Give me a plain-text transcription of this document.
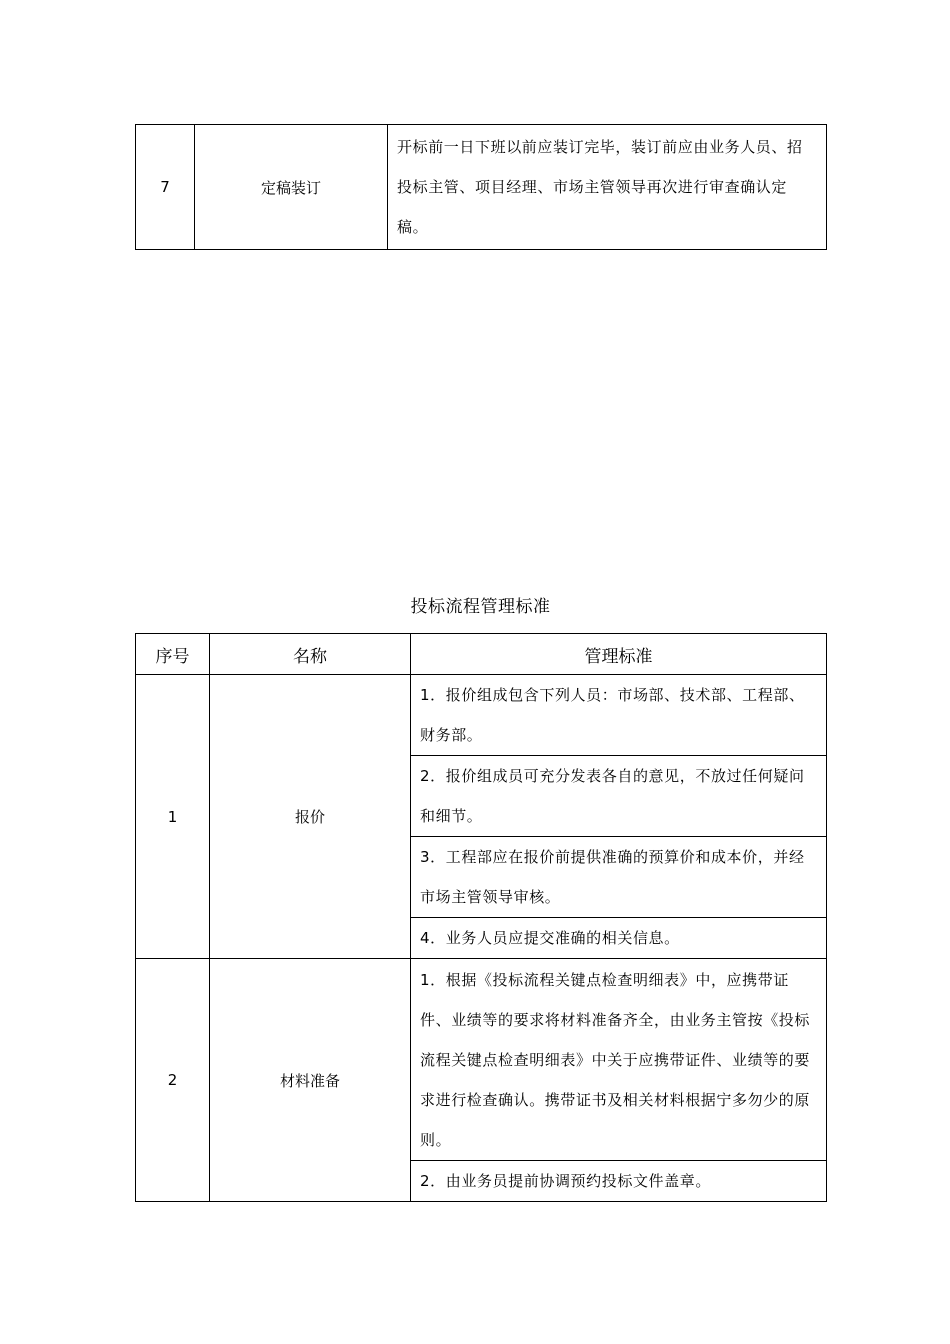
7	定稿装订	开标前一日下班以前应装订完毕，装订前应由业务人员、招投标主管、项目经理、市场主管领导再次进行审查确认定稿。
投标流程管理标准
序号	名称	管理标准
1	报价	1．报价组成包含下列人员：市场部、技术部、工程部、财务部。
		2．报价组成员可充分发表各自的意见，不放过任何疑问和细节。
		3．工程部应在报价前提供准确的预算价和成本价，并经市场主管领导审核。
		4．业务人员应提交准确的相关信息。
2	材料准备	1．根据《投标流程关键点检查明细表》中，应携带证件、业绩等的要求将材料准备齐全，由业务主管按《投标流程关键点检查明细表》中关于应携带证件、业绩等的要求进行检查确认。携带证书及相关材料根据宁多勿少的原则。
		2．由业务员提前协调预约投标文件盖章。
